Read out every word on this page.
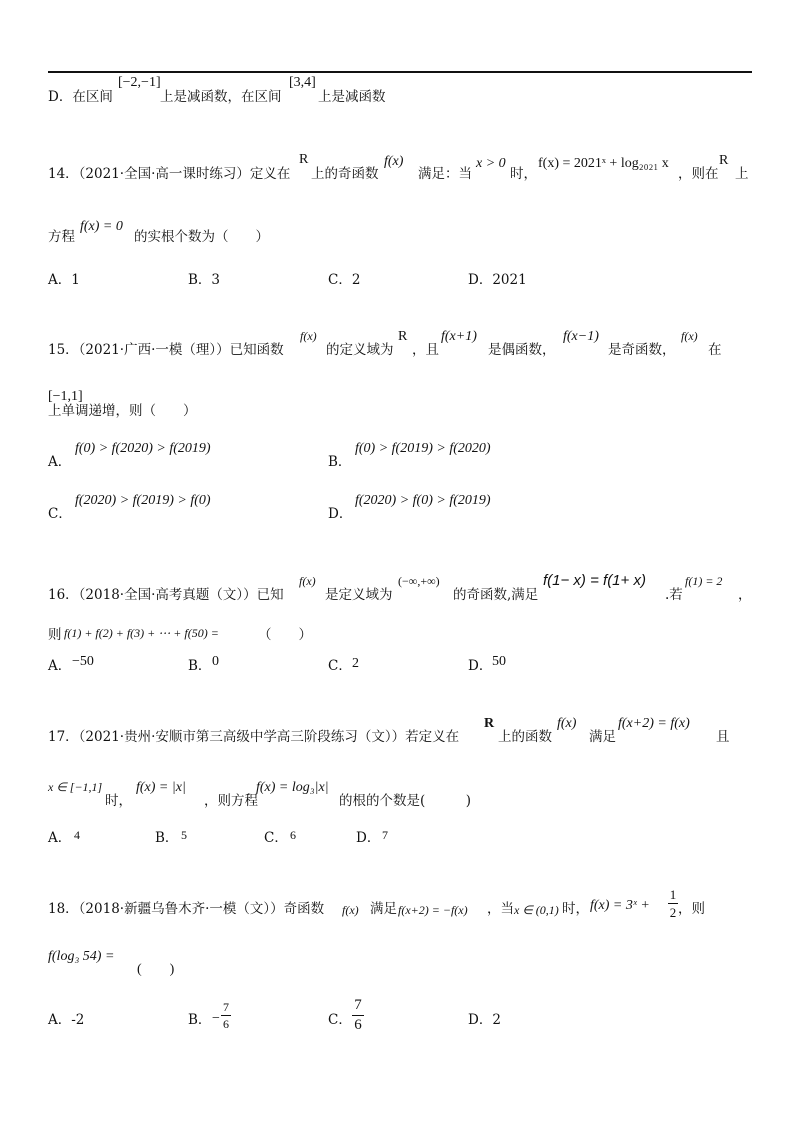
D．在区间
[−2,−1]
上是减函数，在区间
[3,4]
上是减函数
14．（2021·全国·高一课时练习）定义在
R
上的奇函数
f(x)
满足：当
x > 0
时，
f(x) = 2021ˣ + log₂₀₂₁ x
，则在
R
上
方程
f(x) = 0
的实根个数为（　　）
A．1	B．3	C．2	D．2021
15．（2021·广西·一模（理））已知函数
f(x)
的定义域为
R
，且
f(x+1)
是偶函数，
f(x−1)
是奇函数，
f(x)
在
[−1,1]
上单调递增，则（　　）
A．
f(0) > f(2020) > f(2019)
B．
f(0) > f(2019) > f(2020)
C．
f(2020) > f(2019) > f(0)
D．
f(2020) > f(0) > f(2019)
16．（2018·全国·高考真题（文））已知
f(x)
是定义域为
(−∞,+∞)
的奇函数,满足
f(1− x) = f(1+ x)
.若
f(1) = 2
，
则 f(1) + f(2) + f(3) + ⋯ + f(50) =	（　　）
A． −50	B． 0	C． 2	D． 50
17．（2021·贵州·安顺市第三高级中学高三阶段练习（文））若定义在
R
上的函数
f(x)
满足
f(x+2) = f(x)
且
x ∈ [−1,1]
时，
f(x) = |x|
，则方程
f(x) = log₃|x|
的根的个数是(　　　)
A． 4	B． 5	C． 6	D． 7
18．（2018·新疆乌鲁木齐·一模（文））奇函数 f(x) 满足 f(x+2) = −f(x) ，当 x ∈ (0,1) 时， f(x) = 3ˣ +
1
2 ，则
f(log₃ 54) =
(　　)
A．-2	B． −
7
6	C．
7
6	D．2
